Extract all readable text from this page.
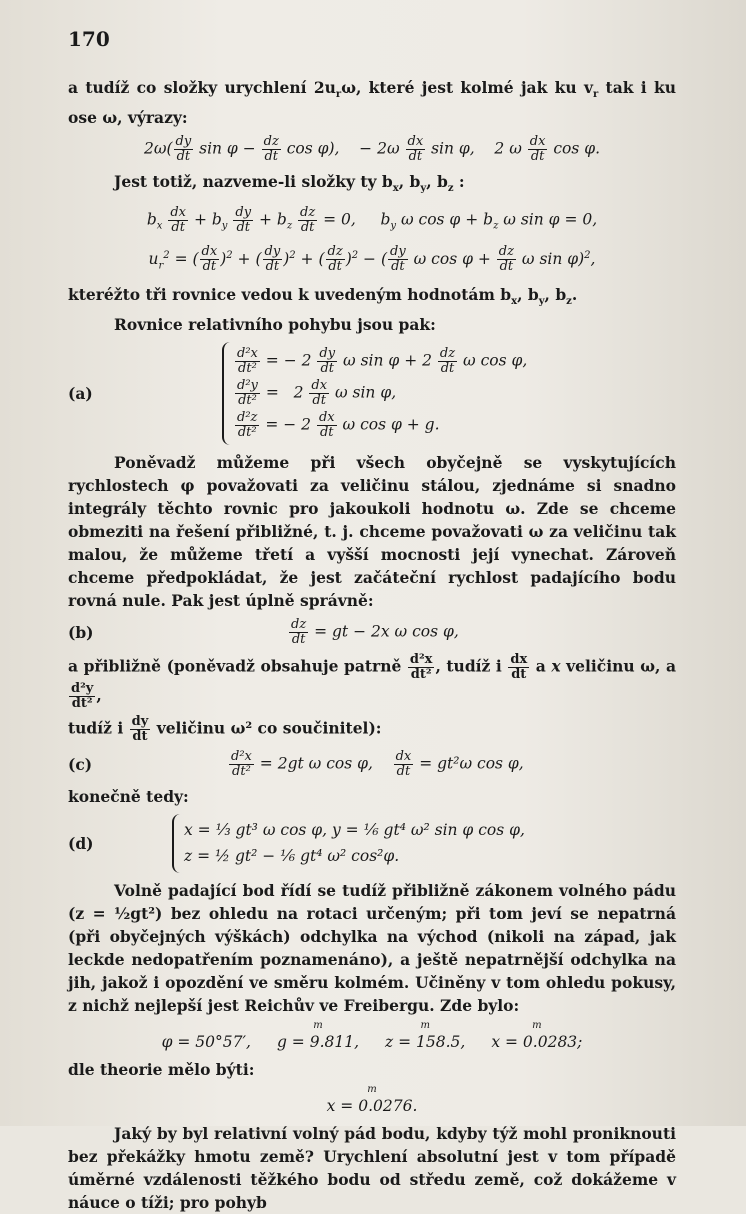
170

a tudíž co složky urychlení $2u_r\omega$, které jest kolmé jak ku $v_r$ tak i ku ose ω, výrazy:

$2\omega( \frac{dy}{dt}$ $\sin \varphi - \frac{dz}{dt}$ cos φ),    − $2\omega \frac{dx}{dt}$ sin φ,    2 ω $\frac{dx}{dt}$ cos φ.

Jest totiž, nazveme-li složky ty $b_x$, $b_y$, $b_z$ :

$b_x \frac{dx}{dt} + b_y \frac{dy}{dt} + b_z \frac{dz}{dt} = 0$,     $b_y$ ω $\cos \varphi + b_z$ ω sin φ = 0,
$u_r^2$ = ( $\frac{dx}{dt} )^2$ + ( $\frac{dy}{dt} )^2$ + ( $\frac{dz}{dt} )^2$ − ( $\frac{dy}{dt}$ ω $\cos \varphi + \frac{dz}{dt}$ ω sin φ)$^2$,

kteréžto tři rovnice vedou k uvedeným hodnotám $b_x$, $b_y$, $b_z$.

Rovnice relativního pohybu jsou pak:

(a)
$\frac{\text{d²x}}{\text{dt²}}$ = − $2 \frac{dy}{dt}$ ω $\sin \varphi + 2 \frac{dz}{dt}$ ω cos φ,
$\frac{\text{d²y}}{\text{dt²}} = 2 \frac{dx}{dt}$ ω sin φ,
$\frac{\text{d²z}}{\text{dt²}}$ = − $2 \frac{dx}{dt}$ ω cos φ + g.

Poněvadž můžeme při všech obyčejně se vyskytujících rychlostech φ považovati za veličinu stálou, zjednáme si snadno integrály těchto rovnic pro jakoukoli hodnotu ω. Zde se chceme obmeziti na řešení přibližné, t. j. chceme považovati ω za veličinu tak malou, že můžeme třetí a vyšší mocnosti její vynechat. Zároveň chceme předpokládat, že jest začáteční rychlost padajícího bodu rovná nule. Pak jest úplně správně:

(b)	$\frac{dz}{dt}$ = gt − 2x ω cos φ,

a přibližně (poněvadž obsahuje patrně $\frac{\text{d²x}}{\text{dt²}}$ , tudíž i $\frac{dx}{dt}$ a x veličinu ω, a
$\frac{\text{d²y}}{\text{dt²}}$ ,

tudíž i $\frac{dy}{dt}$ veličinu ω² co součinitel):

(c)	$\frac{\text{d²x}}{\text{dt²}} = 2gt$ ω cos φ, $\frac{dx}{dt} = gt^2\omega$ cos φ,

konečně tedy:

(d)
x = ⅓ gt³ ω cos φ, y = ⅙ gt⁴ ω² sin φ cos φ,
z = ½ gt² − ⅙ gt⁴ ω² cos²φ.

Volně padající bod řídí se tudíž přibližně zákonem volného pádu (z = ½gt²) bez ohledu na rotaci určeným; při tom jeví se nepatrná (při obyčejných výškách) odchylka na východ (nikoli na západ, jak leckde nedopatřením poznamenáno), a ještě nepatrnější odchylka na jih, jakož i opozdění ve směru kolmém. Učiněny v tom ohledu pokusy, z nichž nejlepší jest Reichův ve Freibergu. Zde bylo:

φ = 50°57′,
m
g = 9.811,
m
z = 158.5,
m
x = 0.0283;

dle theorie mělo býti:

m
x = 0.0276.

Jaký by byl relativní volný pád bodu, kdyby týž mohl proniknouti bez překážky hmotu země? Urychlení absolutní jest v tom případě úměrné vzdálenosti těžkého bodu od středu země, což dokážeme v náuce o tíži; pro pohyb
